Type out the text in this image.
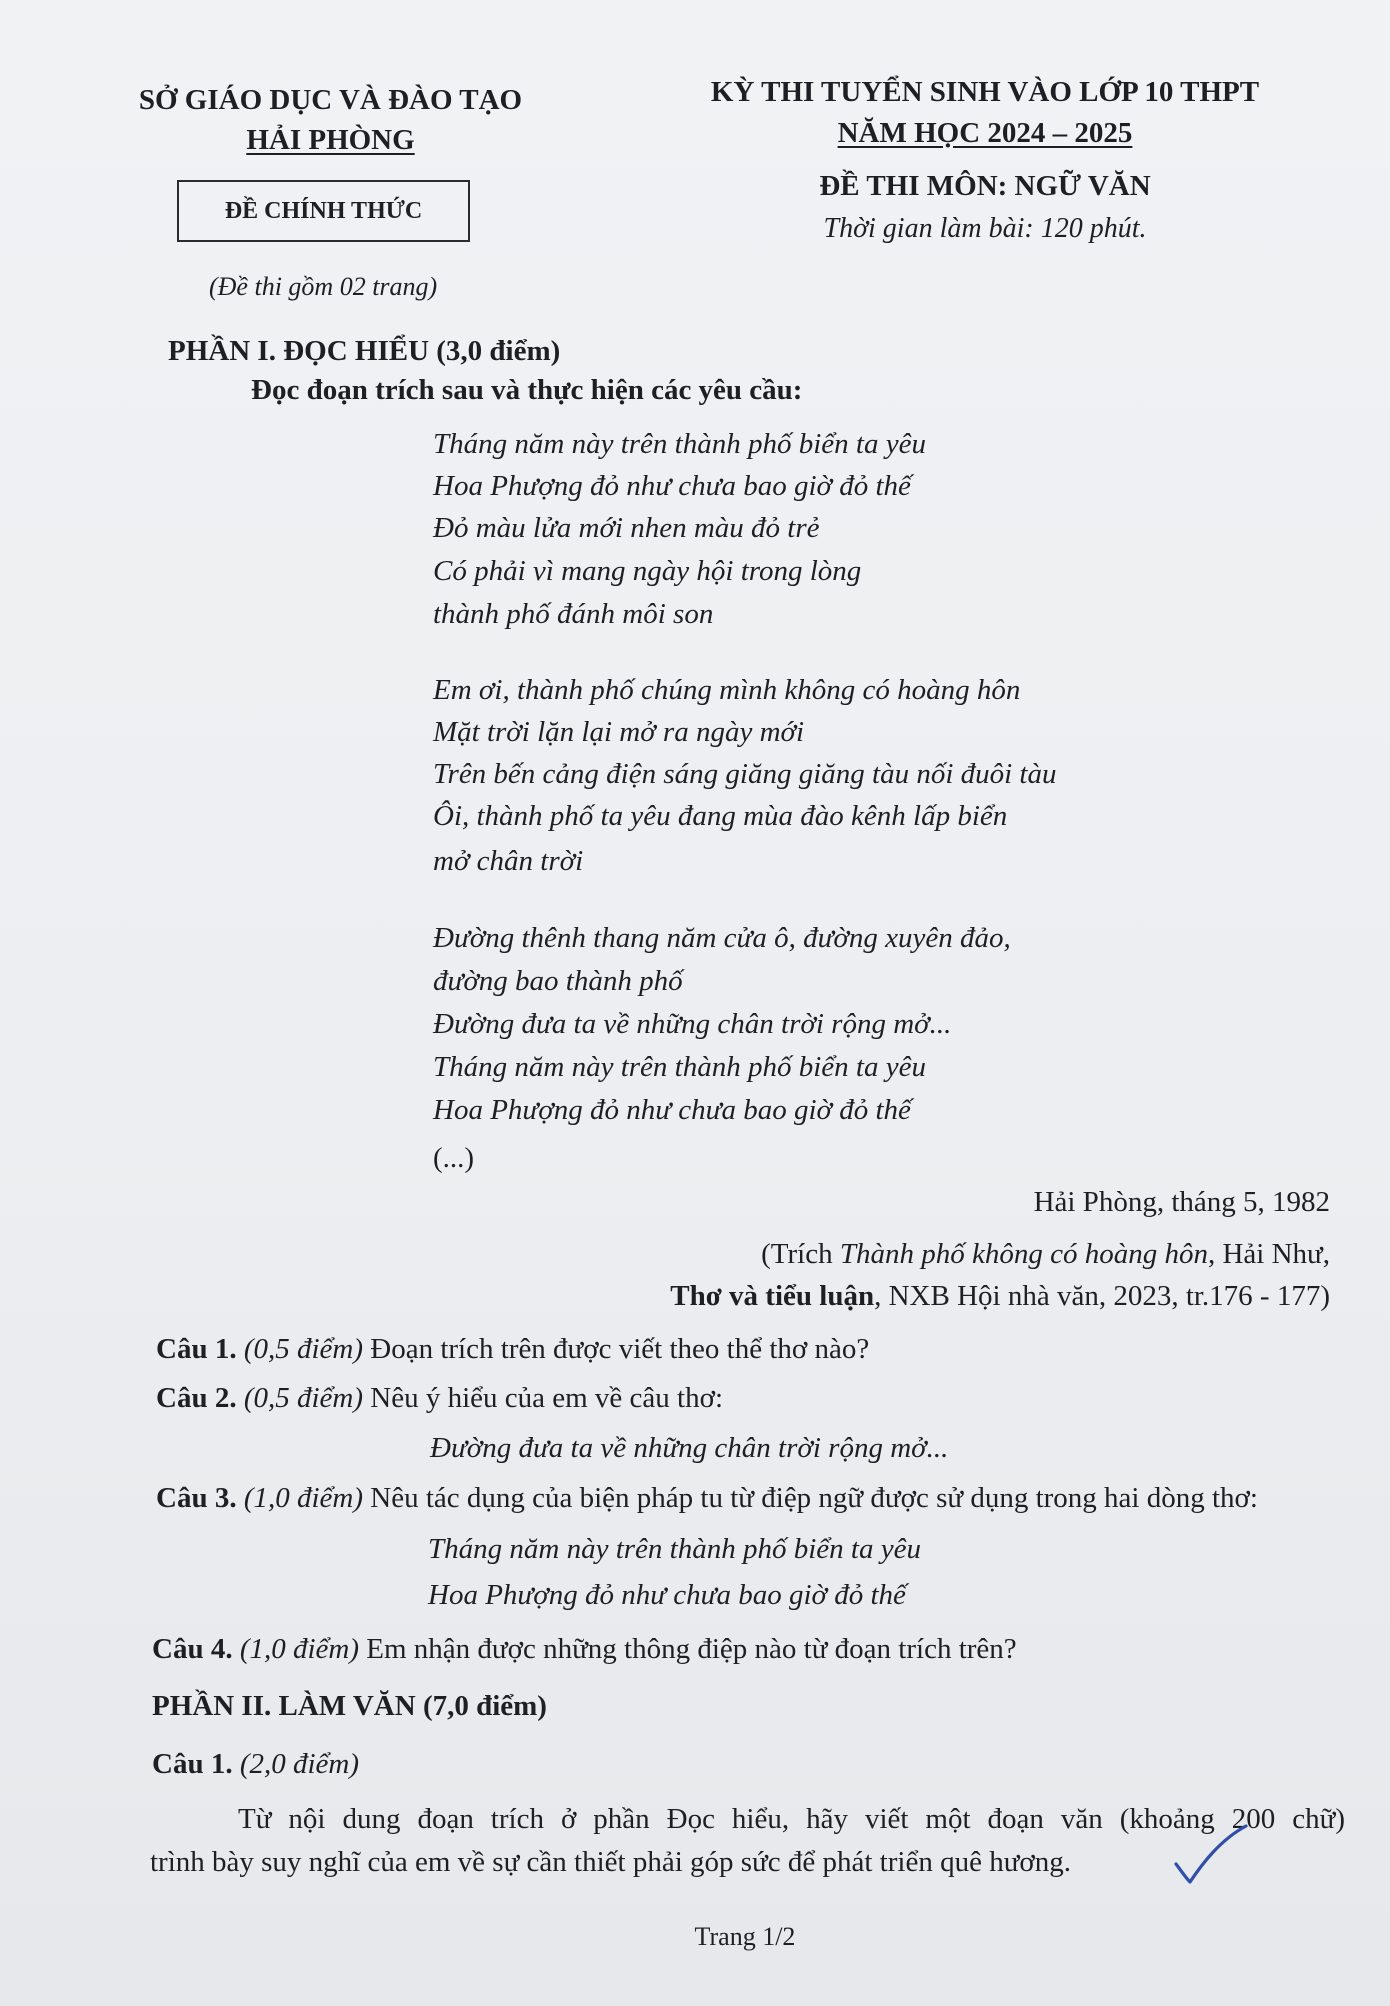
SỞ GIÁO DỤC VÀ ĐÀO TẠO
HẢI PHÒNG
ĐỀ CHÍNH THỨC
(Đề thi gồm 02 trang)
KỲ THI TUYỂN SINH VÀO LỚP 10 THPT
NĂM HỌC 2024 – 2025
ĐỀ THI MÔN: NGỮ VĂN
Thời gian làm bài: 120 phút.
PHẦN I. ĐỌC HIỂU (3,0 điểm)
Đọc đoạn trích sau và thực hiện các yêu cầu:
Tháng năm này trên thành phố biển ta yêu
Hoa Phượng đỏ như chưa bao giờ đỏ thế
Đỏ màu lửa mới nhen màu đỏ trẻ
Có phải vì mang ngày hội trong lòng
thành phố đánh môi son
Em ơi, thành phố chúng mình không có hoàng hôn
Mặt trời lặn lại mở ra ngày mới
Trên bến cảng điện sáng giăng giăng tàu nối đuôi tàu
Ôi, thành phố ta yêu đang mùa đào kênh lấp biển
mở chân trời
Đường thênh thang năm cửa ô, đường xuyên đảo,
đường bao thành phố
Đường đưa ta về những chân trời rộng mở...
Tháng năm này trên thành phố biển ta yêu
Hoa Phượng đỏ như chưa bao giờ đỏ thế
(...)
Hải Phòng, tháng 5, 1982
(Trích Thành phố không có hoàng hôn, Hải Như,
Thơ và tiểu luận, NXB Hội nhà văn, 2023, tr.176 - 177)
Câu 1. (0,5 điểm) Đoạn trích trên được viết theo thể thơ nào?
Câu 2. (0,5 điểm) Nêu ý hiểu của em về câu thơ:
Đường đưa ta về những chân trời rộng mở...
Câu 3. (1,0 điểm) Nêu tác dụng của biện pháp tu từ điệp ngữ được sử dụng trong hai dòng thơ:
Tháng năm này trên thành phố biển ta yêu
Hoa Phượng đỏ như chưa bao giờ đỏ thế
Câu 4. (1,0 điểm) Em nhận được những thông điệp nào từ đoạn trích trên?
PHẦN II. LÀM VĂN (7,0 điểm)
Câu 1. (2,0 điểm)
Từ nội dung đoạn trích ở phần Đọc hiểu, hãy viết một đoạn văn (khoảng 200 chữ)
trình bày suy nghĩ của em về sự cần thiết phải góp sức để phát triển quê hương.
Trang 1/2
